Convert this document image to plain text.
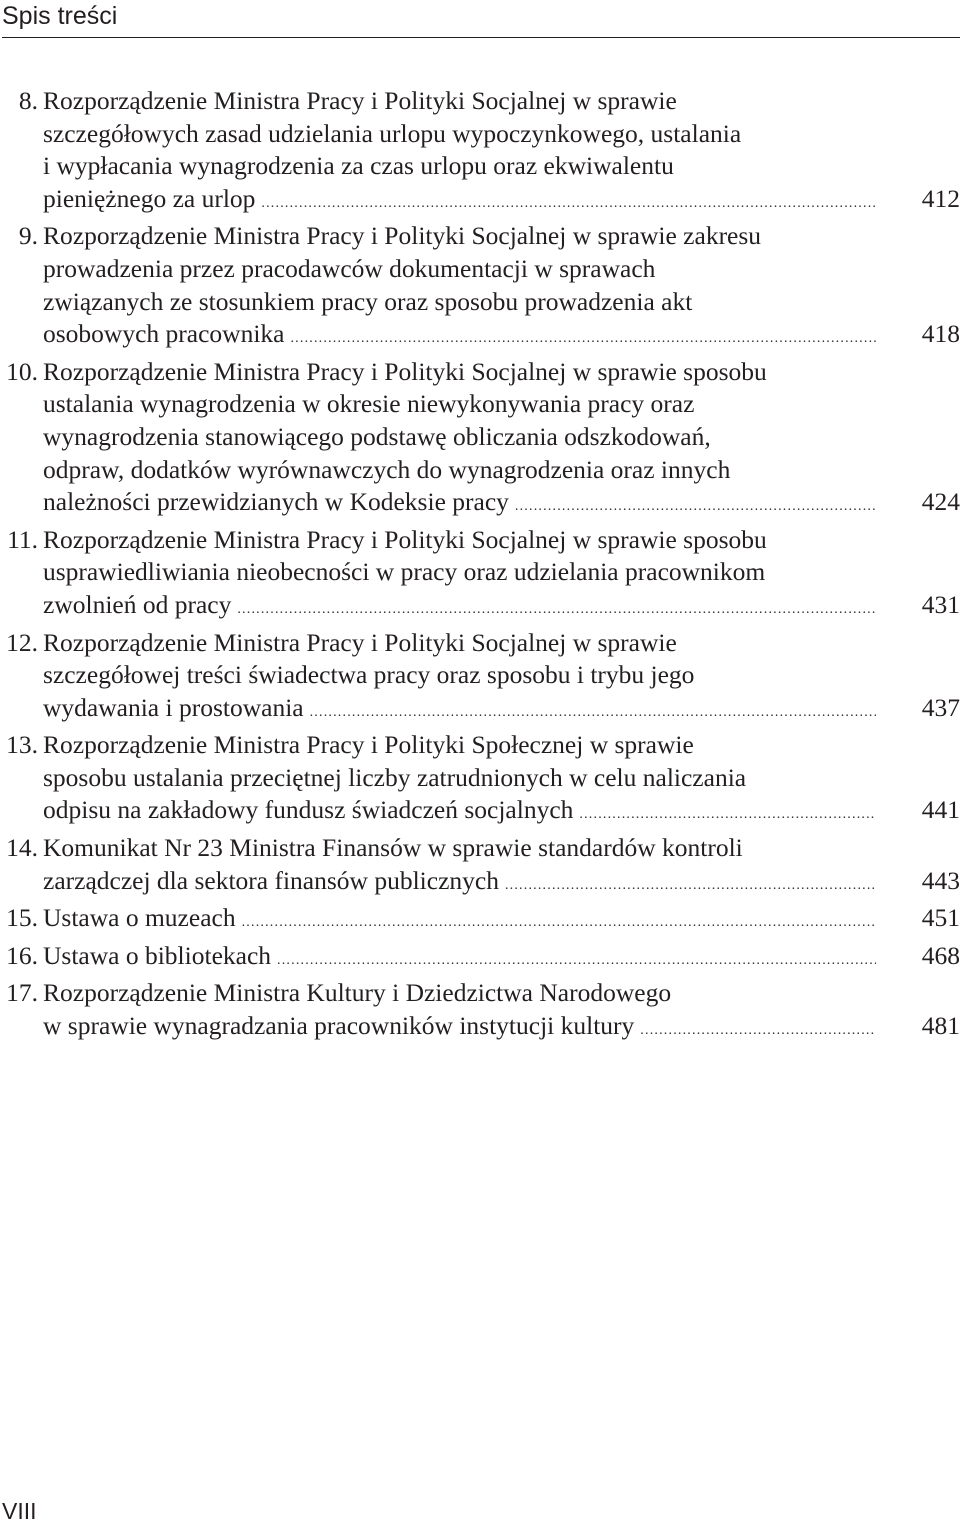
Spis treści
8. Rozporządzenie Ministra Pracy i Polityki Socjalnej w sprawie
szczegółowych zasad udzielania urlopu wypoczynkowego, ustalania
i wypłacania wynagrodzenia za czas urlopu oraz ekwiwalentu
pieniężnego za urlop .....	412
9. Rozporządzenie Ministra Pracy i Polityki Socjalnej w sprawie zakresu
prowadzenia przez pracodawców dokumentacji w sprawach
związanych ze stosunkiem pracy oraz sposobu prowadzenia akt
osobowych pracownika .....	418
10. Rozporządzenie Ministra Pracy i Polityki Socjalnej w sprawie sposobu
ustalania wynagrodzenia w okresie niewykonywania pracy oraz
wynagrodzenia stanowiącego podstawę obliczania odszkodowań,
odpraw, dodatków wyrównawczych do wynagrodzenia oraz innych
należności przewidzianych w Kodeksie pracy .....	424
11. Rozporządzenie Ministra Pracy i Polityki Socjalnej w sprawie sposobu
usprawiedliwiania nieobecności w pracy oraz udzielania pracownikom
zwolnień od pracy .....	431
12. Rozporządzenie Ministra Pracy i Polityki Socjalnej w sprawie
szczegółowej treści świadectwa pracy oraz sposobu i trybu jego
wydawania i prostowania .....	437
13. Rozporządzenie Ministra Pracy i Polityki Społecznej w sprawie
sposobu ustalania przeciętnej liczby zatrudnionych w celu naliczania
odpisu na zakładowy fundusz świadczeń socjalnych .....	441
14. Komunikat Nr 23 Ministra Finansów w sprawie standardów kontroli
zarządczej dla sektora finansów publicznych .....	443
15. Ustawa o muzeach .....	451
16. Ustawa o bibliotekach .....	468
17. Rozporządzenie Ministra Kultury i Dziedzictwa Narodowego
w sprawie wynagradzania pracowników instytucji kultury .....	481
VIII
